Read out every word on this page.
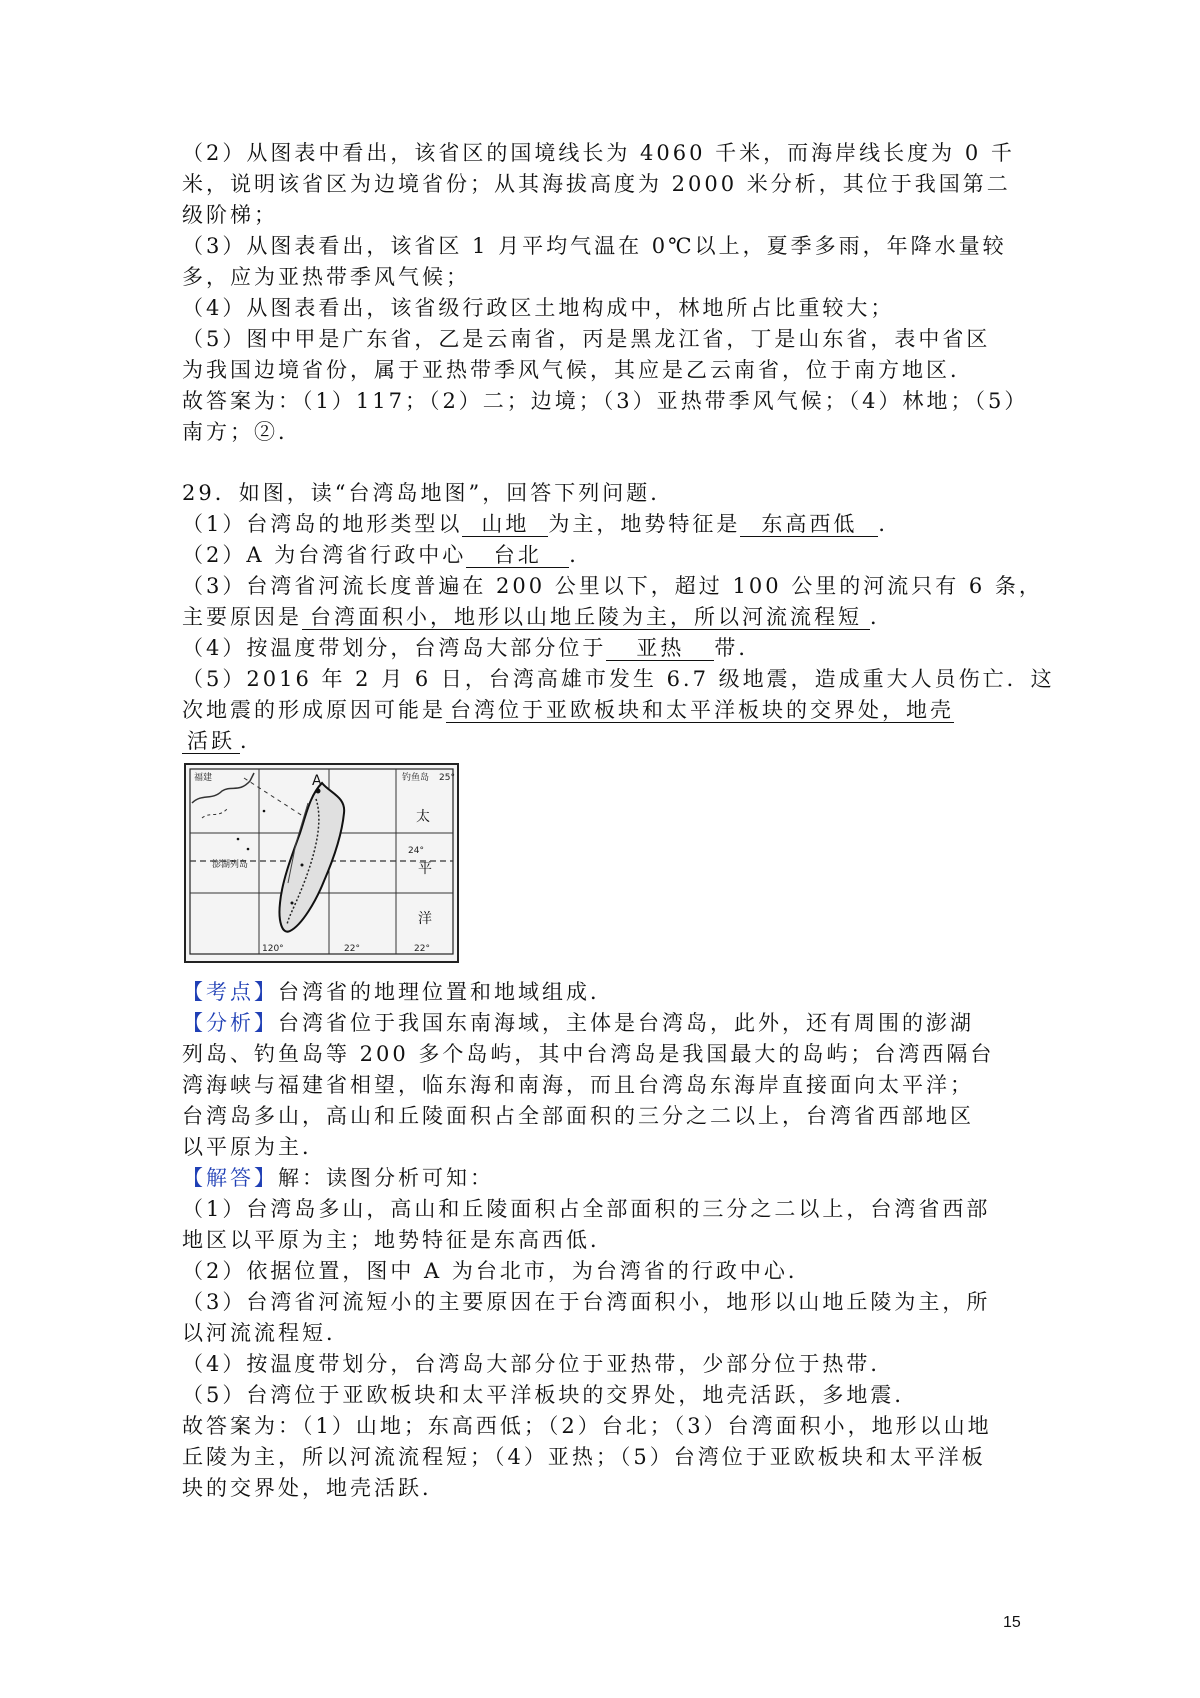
（2）从图表中看出，该省区的国境线长为 4060 千米，而海岸线长度为 0 千
米，说明该省区为边境省份；从其海拔高度为 2000 米分析，其位于我国第二
级阶梯；
（3）从图表看出，该省区 1 月平均气温在 0℃以上，夏季多雨，年降水量较
多，应为亚热带季风气候；
（4）从图表看出，该省级行政区土地构成中，林地所占比重较大；
（5）图中甲是广东省，乙是云南省，丙是黑龙江省，丁是山东省，表中省区
为我国边境省份，属于亚热带季风气候，其应是乙云南省，位于南方地区．
故答案为：（1）117；（2）二；边境；（3）亚热带季风气候；（4）林地；（5）
南方；②．
29．如图，读“台湾岛地图”，回答下列问题．
（1）台湾岛的地形类型以 山地 为主，地势特征是 东高西低 ．
（2）A 为台湾省行政中心 台北 ．
（3）台湾省河流长度普遍在 200 公里以下，超过 100 公里的河流只有 6 条，
主要原因是 台湾面积小，地形以山地丘陵为主，所以河流流程短 ．
（4）按温度带划分，台湾岛大部分位于 亚热 带．
（5）2016 年 2 月 6 日，台湾高雄市发生 6.7 级地震，造成重大人员伤亡．这
次地震的形成原因可能是 台湾位于亚欧板块和太平洋板块的交界处，地壳
活跃 ．
福建	钓鱼岛 25°
A
太
平
洋
24°
澎湖列岛
120°	22°	22°
【考点】台湾省的地理位置和地域组成．
【分析】台湾省位于我国东南海域，主体是台湾岛，此外，还有周围的澎湖
列岛、钓鱼岛等 200 多个岛屿，其中台湾岛是我国最大的岛屿；台湾西隔台
湾海峡与福建省相望，临东海和南海，而且台湾岛东海岸直接面向太平洋；
台湾岛多山，高山和丘陵面积占全部面积的三分之二以上，台湾省西部地区
以平原为主．
【解答】解：读图分析可知：
（1）台湾岛多山，高山和丘陵面积占全部面积的三分之二以上，台湾省西部
地区以平原为主；地势特征是东高西低．
（2）依据位置，图中 A 为台北市，为台湾省的行政中心．
（3）台湾省河流短小的主要原因在于台湾面积小，地形以山地丘陵为主，所
以河流流程短．
（4）按温度带划分，台湾岛大部分位于亚热带，少部分位于热带．
（5）台湾位于亚欧板块和太平洋板块的交界处，地壳活跃，多地震．
故答案为：（1）山地；东高西低；（2）台北；（3）台湾面积小，地形以山地
丘陵为主，所以河流流程短；（4）亚热；（5）台湾位于亚欧板块和太平洋板
块的交界处，地壳活跃．
15
